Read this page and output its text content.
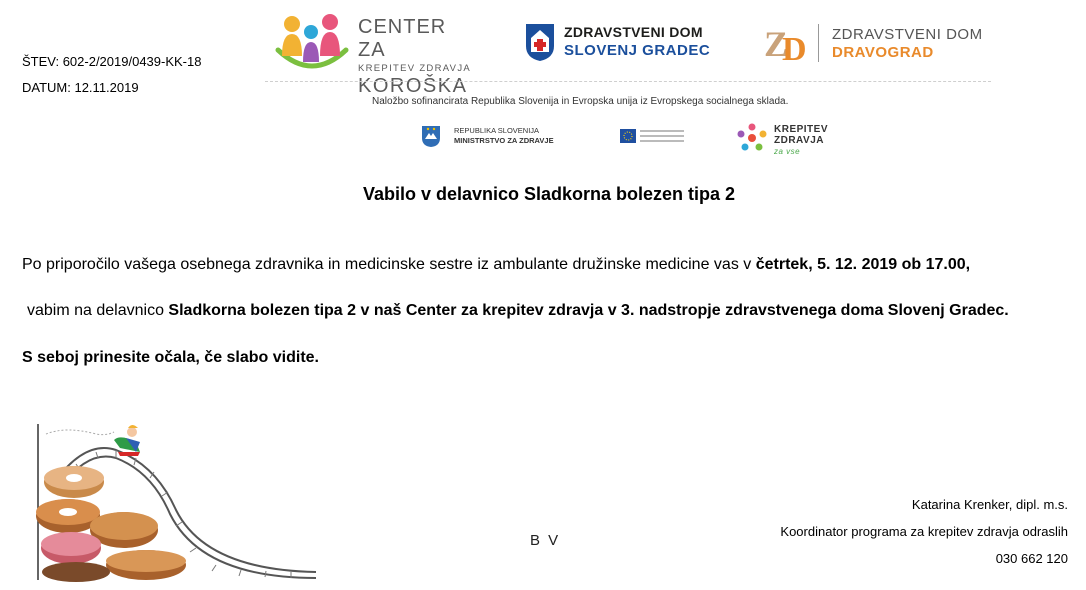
ŠTEV: 602-2/2019/0439-KK-18
DATUM: 12.11.2019
CENTER ZA
KREPITEV ZDRAVJA
KOROŠKA
ZDRAVSTVENI DOM
SLOVENJ GRADEC Z
D ZDRAVSTVENI DOM
DRAVOGRAD
Naložbo sofinancirata Republika Slovenija in Evropska unija iz Evropskega socialnega sklada.
REPUBLIKA SLOVENIJA
MINISTRSTVO ZA ZDRAVJE
KREPITEV
ZDRAVJA
za vse
Vabilo v delavnico Sladkorna bolezen tipa 2
Po priporočilo vašega osebnega zdravnika in medicinske sestre iz ambulante družinske medicine vas v četrtek, 5. 12. 2019 ob 17.00,
vabim na delavnico Sladkorna bolezen tipa 2 v naš Center za krepitev zdravja v 3. nadstropje zdravstvenega doma Slovenj Gradec.
S seboj prinesite očala, če slabo vidite.
B V
Katarina Krenker, dipl. m.s.
Koordinator programa za krepitev zdravja odraslih
030 662 120
